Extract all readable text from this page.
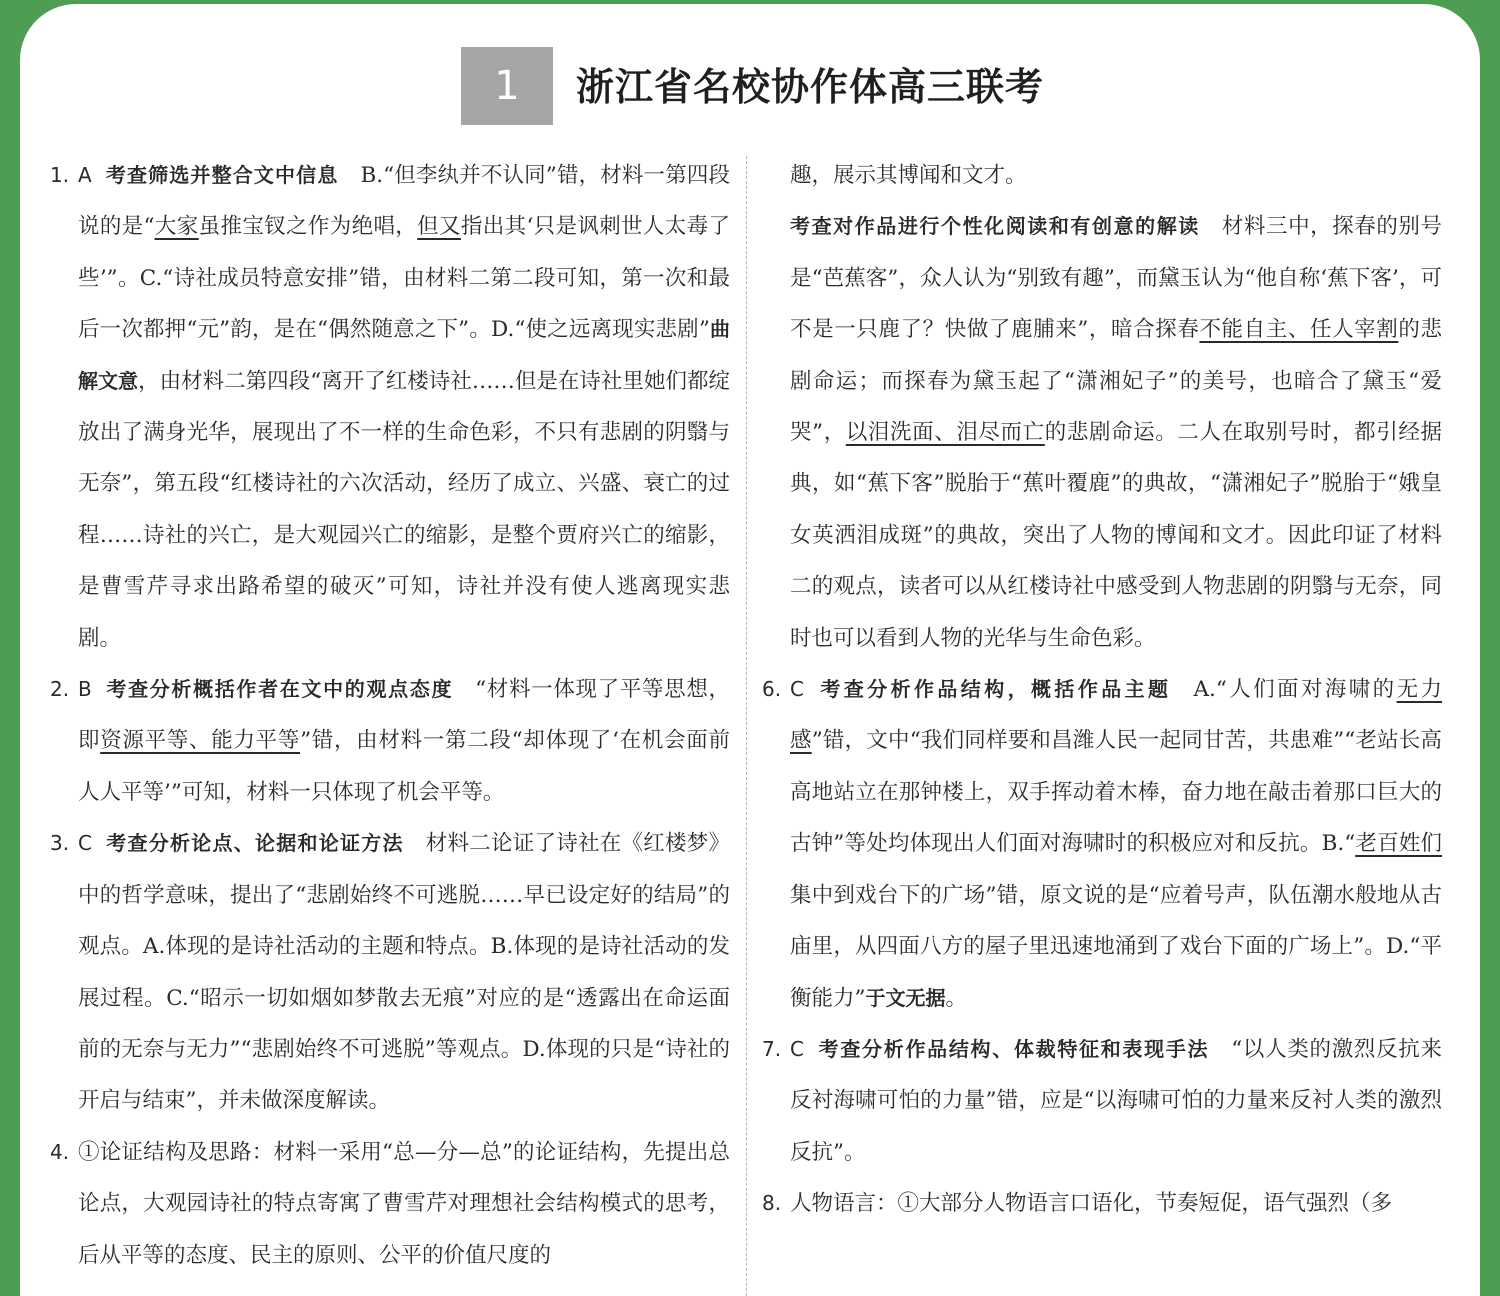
1	浙江省名校协作体高三联考
1. A 考查筛选并整合文中信息 B.“但李纨并不认同”错，材料一第四段说的是“大家虽推宝钗之作为绝唱，但又指出其‘只是讽刺世人太毒了些’”。C.“诗社成员特意安排”错，由材料二第二段可知，第一次和最后一次都押“元”韵，是在“偶然随意之下”。D.“使之远离现实悲剧”曲解文意，由材料二第四段“离开了红楼诗社……但是在诗社里她们都绽放出了满身光华，展现出了不一样的生命色彩，不只有悲剧的阴翳与无奈”，第五段“红楼诗社的六次活动，经历了成立、兴盛、衰亡的过程……诗社的兴亡，是大观园兴亡的缩影，是整个贾府兴亡的缩影，是曹雪芹寻求出路希望的破灭”可知，诗社并没有使人逃离现实悲剧。
2. B 考查分析概括作者在文中的观点态度 “材料一体现了平等思想，即资源平等、能力平等”错，由材料一第二段“却体现了‘在机会面前人人平等’”可知，材料一只体现了机会平等。
3. C 考查分析论点、论据和论证方法 材料二论证了诗社在《红楼梦》中的哲学意味，提出了“悲剧始终不可逃脱……早已设定好的结局”的观点。A.体现的是诗社活动的主题和特点。B.体现的是诗社活动的发展过程。C.“昭示一切如烟如梦散去无痕”对应的是“透露出在命运面前的无奈与无力”“悲剧始终不可逃脱”等观点。D.体现的只是“诗社的开启与结束”，并未做深度解读。
4. ①论证结构及思路：材料一采用“总—分—总”的论证结构，先提出总论点，大观园诗社的特点寄寓了曹雪芹对理想社会结构模式的思考，后从平等的态度、民主的原则、公平的价值尺度的
趣，展示其博闻和文才。
考查对作品进行个性化阅读和有创意的解读 材料三中，探春的别号是“芭蕉客”，众人认为“别致有趣”，而黛玉认为“他自称‘蕉下客’，可不是一只鹿了？快做了鹿脯来”，暗合探春不能自主、任人宰割的悲剧命运；而探春为黛玉起了“潇湘妃子”的美号，也暗合了黛玉“爱哭”，以泪洗面、泪尽而亡的悲剧命运。二人在取别号时，都引经据典，如“蕉下客”脱胎于“蕉叶覆鹿”的典故，“潇湘妃子”脱胎于“娥皇女英洒泪成斑”的典故，突出了人物的博闻和文才。因此印证了材料二的观点，读者可以从红楼诗社中感受到人物悲剧的阴翳与无奈，同时也可以看到人物的光华与生命色彩。
6. C 考查分析作品结构，概括作品主题 A.“人们面对海啸的无力感”错，文中“我们同样要和昌潍人民一起同甘苦，共患难”“老站长高高地站立在那钟楼上，双手挥动着木棒，奋力地在敲击着那口巨大的古钟”等处均体现出人们面对海啸时的积极应对和反抗。B.“老百姓们集中到戏台下的广场”错，原文说的是“应着号声，队伍潮水般地从古庙里，从四面八方的屋子里迅速地涌到了戏台下面的广场上”。D.“平衡能力”于文无据。
7. C 考查分析作品结构、体裁特征和表现手法 “以人类的激烈反抗来反衬海啸可怕的力量”错，应是“以海啸可怕的力量来反衬人类的激烈反抗”。
8. 人物语言：①大部分人物语言口语化，节奏短促，语气强烈（多
